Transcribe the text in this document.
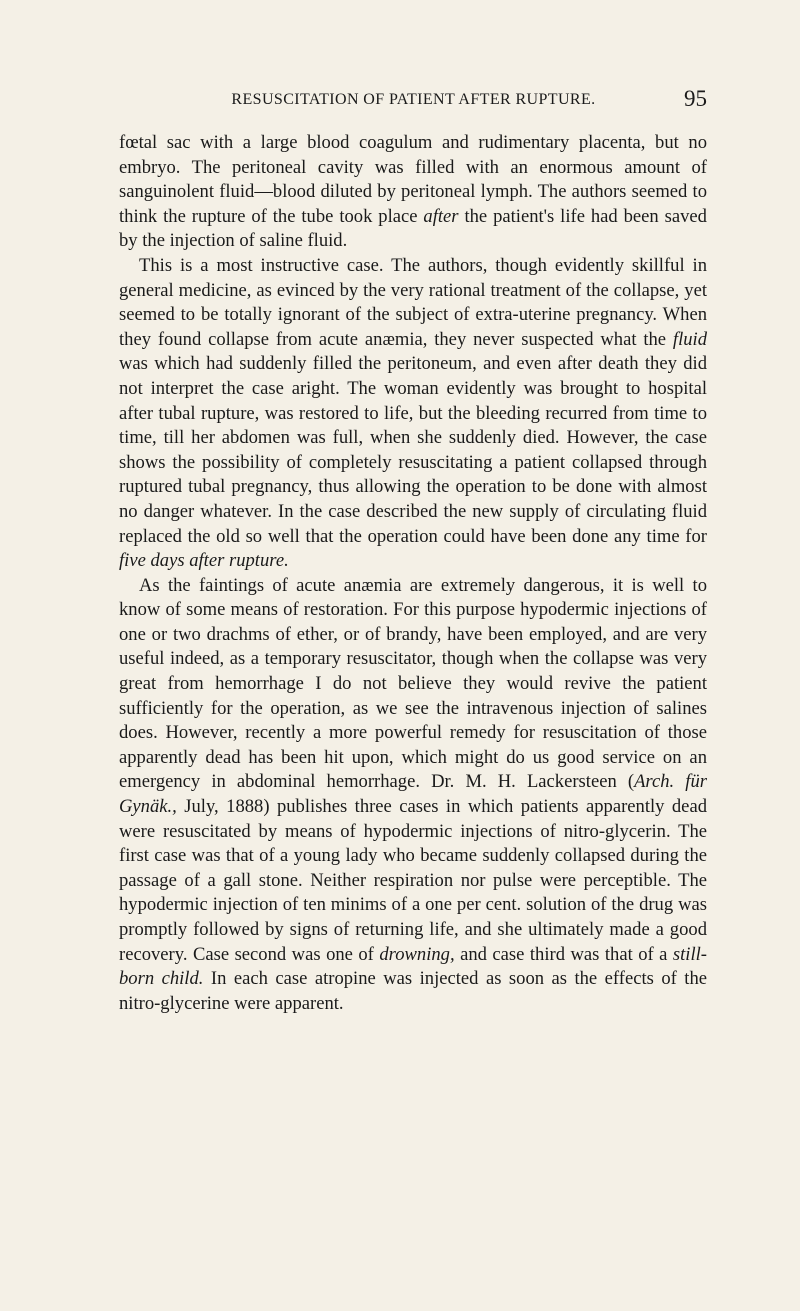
RESUSCITATION OF PATIENT AFTER RUPTURE.	95

fœtal sac with a large blood coagulum and rudimentary placenta, but no embryo. The peritoneal cavity was filled with an enormous amount of sanguinolent fluid—blood diluted by peritoneal lymph. The authors seemed to think the rupture of the tube took place after the patient's life had been saved by the injection of saline fluid.

This is a most instructive case. The authors, though evidently skillful in general medicine, as evinced by the very rational treatment of the collapse, yet seemed to be totally ignorant of the subject of extra-uterine pregnancy. When they found collapse from acute anæmia, they never suspected what the fluid was which had suddenly filled the peritoneum, and even after death they did not interpret the case aright. The woman evidently was brought to hospital after tubal rupture, was restored to life, but the bleeding recurred from time to time, till her abdomen was full, when she suddenly died. However, the case shows the possibility of completely resuscitating a patient collapsed through ruptured tubal pregnancy, thus allowing the operation to be done with almost no danger whatever. In the case described the new supply of circulating fluid replaced the old so well that the operation could have been done any time for five days after rupture.

As the faintings of acute anæmia are extremely dangerous, it is well to know of some means of restoration. For this purpose hypodermic injections of one or two drachms of ether, or of brandy, have been employed, and are very useful indeed, as a temporary resuscitator, though when the collapse was very great from hemorrhage I do not believe they would revive the patient sufficiently for the operation, as we see the intravenous injection of salines does. However, recently a more powerful remedy for resuscitation of those apparently dead has been hit upon, which might do us good service on an emergency in abdominal hemorrhage. Dr. M. H. Lackersteen (Arch. für Gynäk., July, 1888) publishes three cases in which patients apparently dead were resuscitated by means of hypodermic injections of nitro-glycerin. The first case was that of a young lady who became suddenly collapsed during the passage of a gall stone. Neither respiration nor pulse were perceptible. The hypodermic injection of ten minims of a one per cent. solution of the drug was promptly followed by signs of returning life, and she ultimately made a good recovery. Case second was one of drowning, and case third was that of a still-born child. In each case atropine was injected as soon as the effects of the nitro-glycerine were apparent.
